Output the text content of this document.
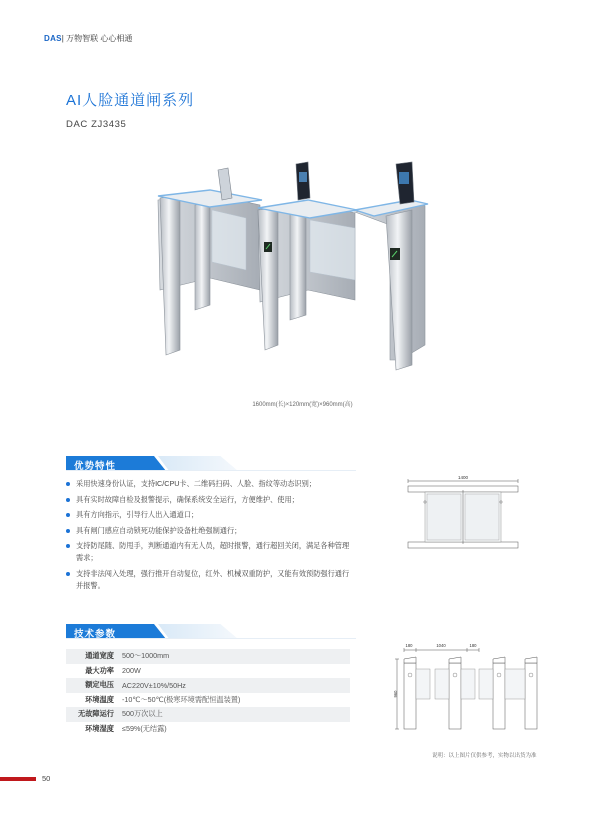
DAS| 万物智联 心心相通
AI人脸通道闸系列
DAC ZJ3435
1600mm(长)×120mm(宽)×960mm(高)
优势特性
采用快速身份认证，支持IC/CPU卡、二维码扫码、人脸、指纹等动态识别；
具有实时故障自检及报警提示，确保系统安全运行，方便维护、使用；
具有方向指示，引导行人出入通道口；
具有闸门感应自动锁死功能保护设备杜绝强制通行；
支持防尾随、防甩手，判断通道内有无人员，超时报警，通行超回关闭，满足各种管理需求；
支持非法闯入处理，强行推开自动复位，红外、机械双重防护，又能有效预防强行通行并报警。
1400
技术参数
通道宽度	500～1000mm
最大功率	200W
额定电压	AC220V±10%/50Hz
环境温度	-10℃～50℃(极寒环境需配恒温装置)
无故障运行	500万次以上
环境湿度	≤59%(无结露)
180	1040	180
960
说明：以上图片仅供参考，实物以出货为准
50
